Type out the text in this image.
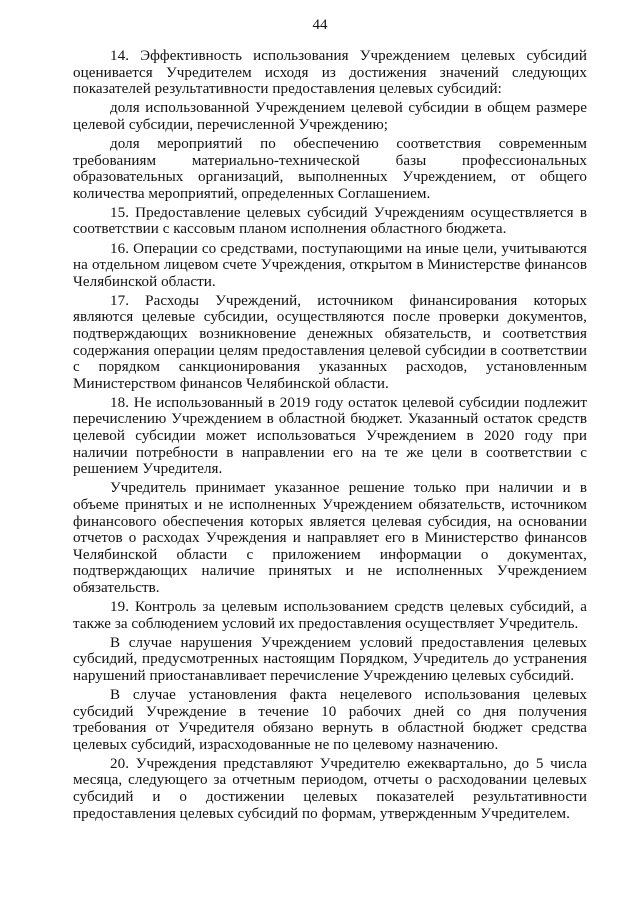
44

14. Эффективность использования Учреждением целевых субсидий оценивается Учредителем исходя из достижения значений следующих показателей результативности предоставления целевых субсидий:

доля использованной Учреждением целевой субсидии в общем размере целевой субсидии, перечисленной Учреждению;

доля мероприятий по обеспечению соответствия современным требованиям материально-технической базы профессиональных образовательных организаций, выполненных Учреждением, от общего количества мероприятий, определенных Соглашением.

15. Предоставление целевых субсидий Учреждениям осуществляется в соответствии с кассовым планом исполнения областного бюджета.

16. Операции со средствами, поступающими на иные цели, учитываются на отдельном лицевом счете Учреждения, открытом в Министерстве финансов Челябинской области.

17. Расходы Учреждений, источником финансирования которых являются целевые субсидии, осуществляются после проверки документов, подтверждающих возникновение денежных обязательств, и соответствия содержания операции целям предоставления целевой субсидии в соответствии с порядком санкционирования указанных расходов, установленным Министерством финансов Челябинской области.

18. Не использованный в 2019 году остаток целевой субсидии подлежит перечислению Учреждением в областной бюджет. Указанный остаток средств целевой субсидии может использоваться Учреждением в 2020 году при наличии потребности в направлении его на те же цели в соответствии с решением Учредителя.

Учредитель принимает указанное решение только при наличии и в объеме принятых и не исполненных Учреждением обязательств, источником финансового обеспечения которых является целевая субсидия, на основании отчетов о расходах Учреждения и направляет его в Министерство финансов Челябинской области с приложением информации о документах, подтверждающих наличие принятых и не исполненных Учреждением обязательств.

19. Контроль за целевым использованием средств целевых субсидий, а также за соблюдением условий их предоставления осуществляет Учредитель.

В случае нарушения Учреждением условий предоставления целевых субсидий, предусмотренных настоящим Порядком, Учредитель до устранения нарушений приостанавливает перечисление Учреждению целевых субсидий.

В случае установления факта нецелевого использования целевых субсидий Учреждение в течение 10 рабочих дней со дня получения требования от Учредителя обязано вернуть в областной бюджет средства целевых субсидий, израсходованные не по целевому назначению.

20. Учреждения представляют Учредителю ежеквартально, до 5 числа месяца, следующего за отчетным периодом, отчеты о расходовании целевых субсидий и о достижении целевых показателей результативности предоставления целевых субсидий по формам, утвержденным Учредителем.
